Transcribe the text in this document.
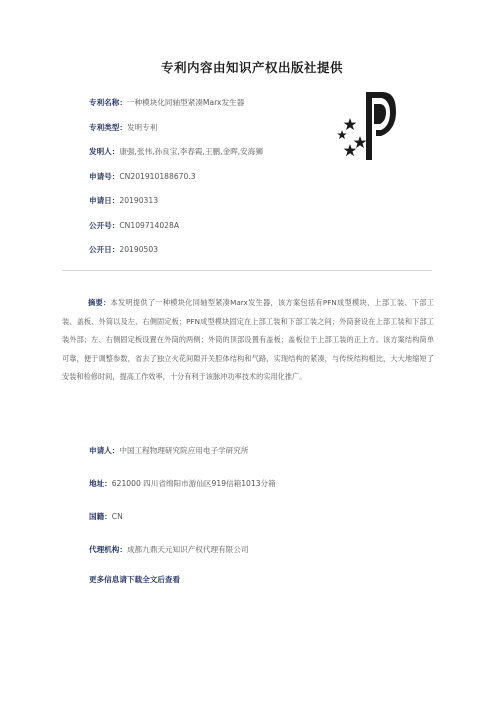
专利内容由知识产权出版社提供
专利名称：一种模块化同轴型紧凑Marx发生器
专利类型：发明专利
发明人：康强,张伟,孙良宝,李春霞,王鹏,金晖,安海狮
申请号：CN201910188670.3
申请日：20190313
公开号：CN109714028A
公开日：20190503
摘要：本发明提供了一种模块化同轴型紧凑Marx发生器，该方案包括有PFN成型模块、上部工装、下部工装、盖板、外筒以及左、右侧固定板；PFN成型模块固定在上部工装和下部工装之间；外筒套设在上部工装和下部工装外部；左、右侧固定板设置在外筒的两侧；外筒的顶部设置有盖板；盖板位于上部工装的正上方。该方案结构简单可靠，便于调整参数，省去了独立火花间隙开关腔体结构和气路，实现结构的紧凑，与传统结构相比，大大地缩短了安装和检修时间，提高工作效率，十分有利于该脉冲功率技术的实用化推广。
申请人：中国工程物理研究院应用电子学研究所
地址：621000 四川省绵阳市游仙区919信箱1013分箱
国籍：CN
代理机构：成都九鼎天元知识产权代理有限公司
更多信息请下载全文后查看
